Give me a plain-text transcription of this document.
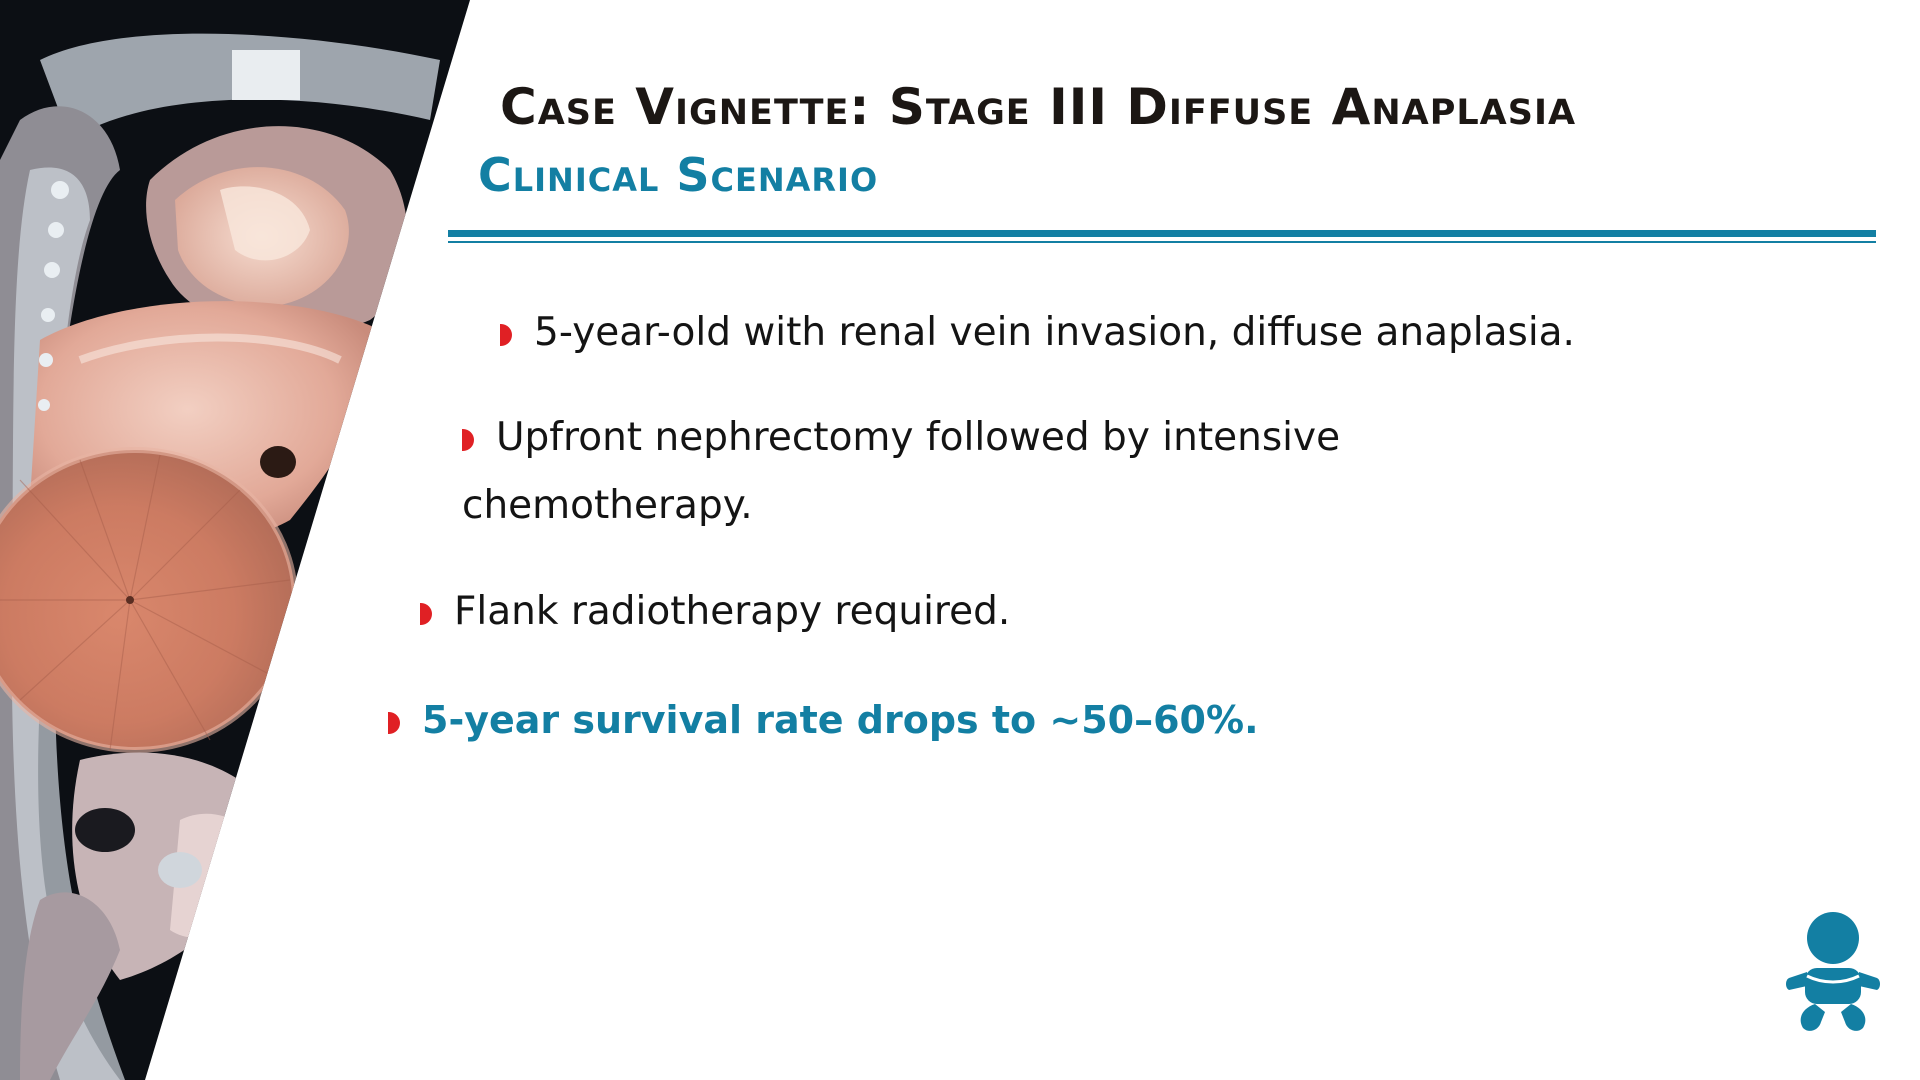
Case Vignette: Stage III Diffuse Anaplasia
Clinical Scenario

5-year-old with renal vein invasion, diffuse anaplasia.

Upfront nephrectomy followed by intensive chemotherapy.

Flank radiotherapy required.

5-year survival rate drops to ~50–60%.
